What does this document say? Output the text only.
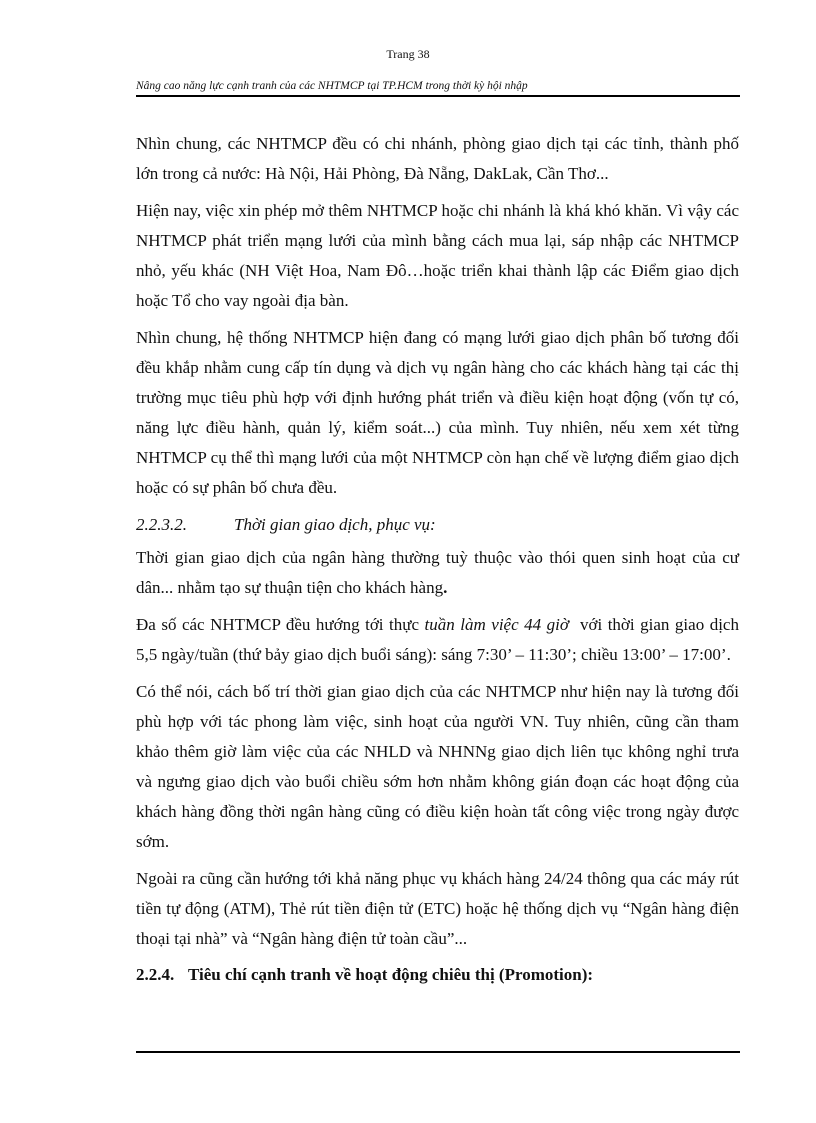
Trang 38
Nâng cao năng lực cạnh tranh của các NHTMCP tại TP.HCM trong thời kỳ hội nhập

Nhìn chung, các NHTMCP đều có chi nhánh, phòng giao dịch tại các tỉnh, thành phố lớn trong cả nước: Hà Nội, Hải Phòng, Đà Nẵng, DakLak, Cần Thơ...

Hiện nay, việc xin phép mở thêm NHTMCP hoặc chi nhánh là khá khó khăn. Vì vậy các NHTMCP phát triển mạng lưới của mình bằng cách mua lại, sáp nhập các NHTMCP nhỏ, yếu khác (NH Việt Hoa, Nam Đô…hoặc triển khai thành lập các Điểm giao dịch hoặc Tổ cho vay ngoài địa bàn.

Nhìn chung, hệ thống NHTMCP hiện đang có mạng lưới giao dịch phân bố tương đối đều khắp nhằm cung cấp tín dụng và dịch vụ ngân hàng cho các khách hàng tại các thị trường mục tiêu phù hợp với định hướng phát triển và điều kiện hoạt động (vốn tự có, năng lực điều hành, quản lý, kiểm soát...) của mình. Tuy nhiên, nếu xem xét từng NHTMCP cụ thể thì mạng lưới của một NHTMCP còn hạn chế về lượng điểm giao dịch hoặc có sự phân bố chưa đều.

2.2.3.2.	Thời gian giao dịch, phục vụ:

Thời gian giao dịch của ngân hàng thường tuỳ thuộc vào thói quen sinh hoạt của cư dân... nhằm tạo sự thuận tiện cho khách hàng.

Đa số các NHTMCP đều hướng tới thực tuần làm việc 44 giờ  với thời gian giao dịch 5,5 ngày/tuần (thứ bảy giao dịch buổi sáng): sáng 7:30’ – 11:30’; chiều 13:00’ – 17:00’.

Có thể nói, cách bố trí thời gian giao dịch của các NHTMCP như hiện nay là tương đối phù hợp với tác phong làm việc, sinh hoạt của người VN. Tuy nhiên, cũng cần tham khảo thêm giờ làm việc của các NHLD và NHNNg giao dịch liên tục không nghỉ trưa và ngưng giao dịch vào buổi chiều sớm hơn nhằm không gián đoạn các hoạt động của khách hàng đồng thời ngân hàng cũng có điều kiện hoàn tất công việc trong ngày được sớm.

Ngoài ra cũng cần hướng tới khả năng phục vụ khách hàng 24/24 thông qua các máy rút tiền tự động (ATM), Thẻ rút tiền điện tử (ETC) hoặc hệ thống dịch vụ “Ngân hàng điện thoại tại nhà” và “Ngân hàng điện tử toàn cầu”...

2.2.4. Tiêu chí cạnh tranh về hoạt động chiêu thị (Promotion):
